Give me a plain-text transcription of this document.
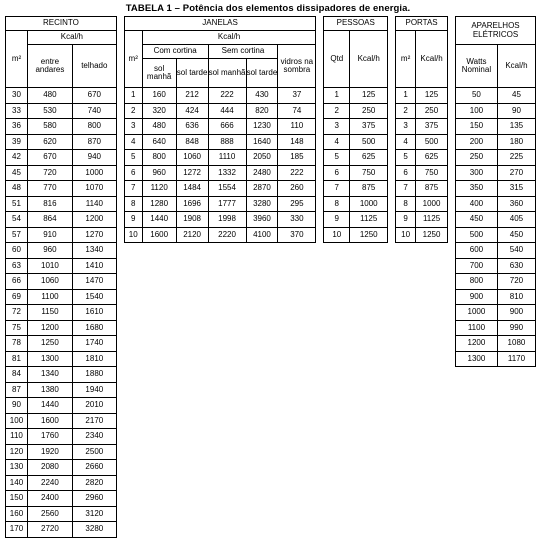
TABELA 1 – Potência dos elementos dissipadores de energia.
RECINTO				JANELAS							PESSOAS			PORTAS			APARELHOS ELÉTRICOS	
m²	Kcal/h			m²	Kcal/h						Qtd	Kcal/h		m²	Kcal/h			
	entre andares	telhado			Com cortina		Sem cortina		vidros na sombra								Watts Nominal	Kcal/h
					sol manhã	sol tarde	sol manhã	sol tarde										
30	480	670		1	160	212	222	430	37		1	125		1	125		50	45
33	530	740		2	320	424	444	820	74		2	250		2	250		100	90
36	580	800		3	480	636	666	1230	110		3	375		3	375		150	135
39	620	870		4	640	848	888	1640	148		4	500		4	500		200	180
42	670	940		5	800	1060	1110	2050	185		5	625		5	625		250	225
45	720	1000		6	960	1272	1332	2480	222		6	750		6	750		300	270
48	770	1070		7	1120	1484	1554	2870	260		7	875		7	875		350	315
51	816	1140		8	1280	1696	1777	3280	295		8	1000		8	1000		400	360
54	864	1200		9	1440	1908	1998	3960	330		9	1125		9	1125		450	405
57	910	1270		10	1600	2120	2220	4100	370		10	1250		10	1250		500	450
60	960	1340															600	540
63	1010	1410															700	630
66	1060	1470															800	720
69	1100	1540															900	810
72	1150	1610															1000	900
75	1200	1680															1100	990
78	1250	1740															1200	1080
81	1300	1810															1300	1170
84	1340	1880																
87	1380	1940																
90	1440	2010																
100	1600	2170																
110	1760	2340																
120	1920	2500																
130	2080	2660																
140	2240	2820																
150	2400	2960																
160	2560	3120																
170	2720	3280																
